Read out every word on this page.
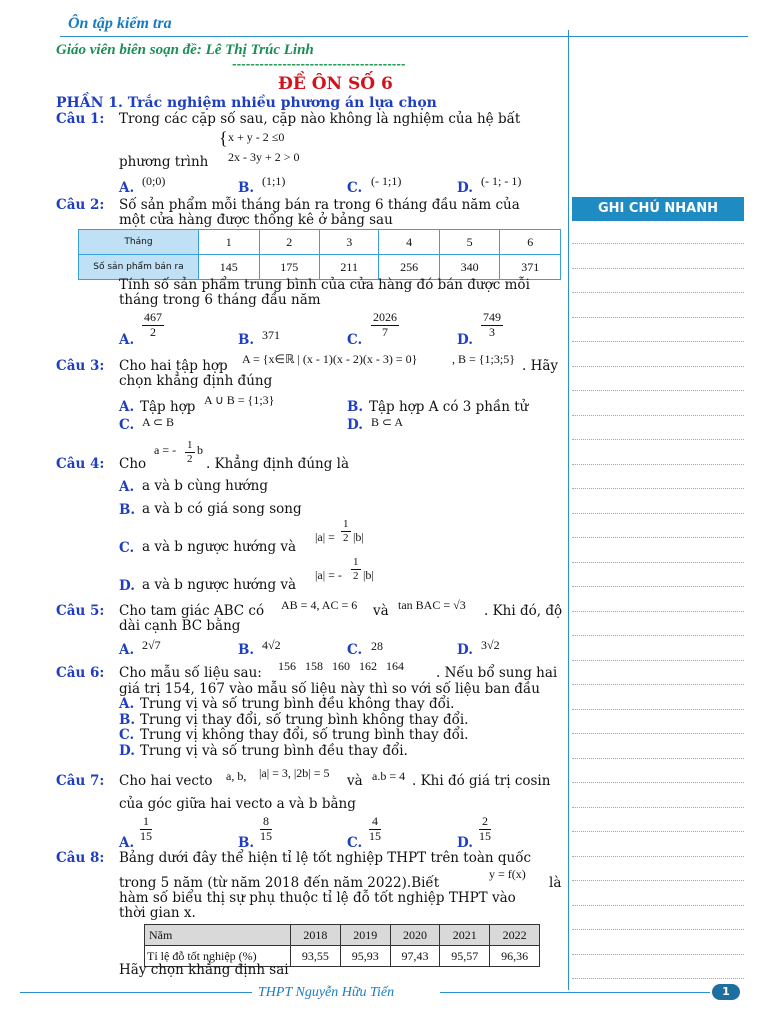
Ôn tập kiểm tra
Giáo viên biên soạn đề: Lê Thị Trúc Linh
--------------------------------------
ĐỀ ÔN SỐ 6
PHẦN 1. Trắc nghiệm nhiều phương án lựa chọn
GHI CHÚ NHANH
Câu 1: Trong các cặp số sau, cặp nào không là nghiệm của hệ bất
phương trình
{ x + y - 2 ≤0
2x - 3y + 2 > 0
A. (0;0)	B. (1;1)	C. (- 1;1)	D. (- 1; - 1)
Câu 2: Số sản phẩm mỗi tháng bán ra trong 6 tháng đầu năm của
một cửa hàng được thống kê ở bảng sau
Tháng	1	2	3	4	5	6
Số sản phẩm bán ra	145	175	211	256	340	371
Tính số sản phẩm trung bình của cửa hàng đó bán được mỗi
tháng trong 6 tháng đầu năm
A.
$\frac{467}{2}$
B. 371	C.
$\frac{2026}{7}$
D.
$\frac{749}{3}$
Câu 3: Cho hai tập hợp A = {x∈ℝ | (x - 1)(x - 2)(x - 3) = 0}	, B = {1;3;5} . Hãy
chọn khẳng định đúng
A. Tập hợp A ∪ B = {1;3}	B. Tập hợp A có 3 phần tử
C. A ⊂ B	D. B ⊂ A
Câu 4: Cho
a = - $\frac{1}{2}$ b
. Khẳng định đúng là
A. a và b cùng hướng
B. a và b có giá song song
C. a và b ngược hướng và
$|a| = \frac{1}{2} |b|$
D. a và b ngược hướng và
|a| = - $\frac{1}{2} |b|$
Câu 5: Cho tam giác ABC có AB = 4, AC = 6 và tan BAC = √3 . Khi đó, độ
dài cạnh BC bằng
A. 2√7	B. 4√2	C. 28	D. 3√2
Câu 6: Cho mẫu số liệu sau: 156   158   160   162   164 . Nếu bổ sung hai
giá trị 154, 167 vào mẫu số liệu này thì so với số liệu ban đầu
A. Trung vị và số trung bình đều không thay đổi.
B. Trung vị thay đổi, số trung bình không thay đổi.
C. Trung vị không thay đổi, số trung bình thay đổi.
D. Trung vị và số trung bình đều thay đổi.
Câu 7: Cho hai vecto a, b, |a| = 3, |2b| = 5 và a.b = 4 . Khi đó giá trị cosin
của góc giữa hai vecto a và b bằng
A. $\frac{1}{15}$	B. $\frac{8}{15}$	C. $\frac{4}{15}$	D. $\frac{2}{15}$
Câu 8: Bảng dưới đây thể hiện tỉ lệ tốt nghiệp THPT trên toàn quốc
trong 5 năm (từ năm 2018 đến năm 2022).Biết
y = f(x)
là
hàm số biểu thị sự phụ thuộc tỉ lệ đỗ tốt nghiệp THPT vào
thời gian x.
Năm	2018	2019	2020	2021	2022
Tỉ lệ đỗ tốt nghiệp (%)	93,55	95,93	97,43	95,57	96,36
Hãy chọn khẳng định sai
THPT Nguyễn Hữu Tiến	1
